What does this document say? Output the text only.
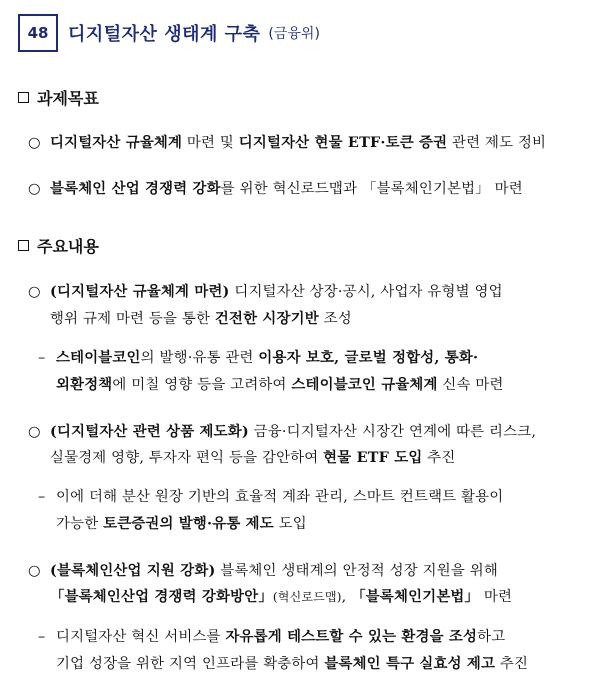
48 디지털자산 생태계 구축 (금융위)
과제목표
○ 디지털자산 규율체계 마련 및 디지털자산 현물 ETF·토큰 증권 관련 제도 정비
○ 블록체인 산업 경쟁력 강화를 위한 혁신로드맵과 「블록체인기본법」 마련
주요내용
○ (디지털자산 규율체계 마련) 디지털자산 상장·공시, 사업자 유형별 영업
행위 규제 마련 등을 통한 건전한 시장기반 조성
– 스테이블코인의 발행·유통 관련 이용자 보호, 글로벌 정합성, 통화·
외환정책에 미칠 영향 등을 고려하여 스테이블코인 규율체계 신속 마련
○ (디지털자산 관련 상품 제도화) 금융·디지털자산 시장간 연계에 따른 리스크,
실물경제 영향, 투자자 편익 등을 감안하여 현물 ETF 도입 추진
– 이에 더해 분산 원장 기반의 효율적 계좌 관리, 스마트 컨트랙트 활용이
가능한 토큰증권의 발행·유통 제도 도입
○ (블록체인산업 지원 강화) 블록체인 생태계의 안정적 성장 지원을 위해
「블록체인산업 경쟁력 강화방안」(혁신로드맵), 「블록체인기본법」 마련
– 디지털자산 혁신 서비스를 자유롭게 테스트할 수 있는 환경을 조성하고
기업 성장을 위한 지역 인프라를 확충하여 블록체인 특구 실효성 제고 추진
